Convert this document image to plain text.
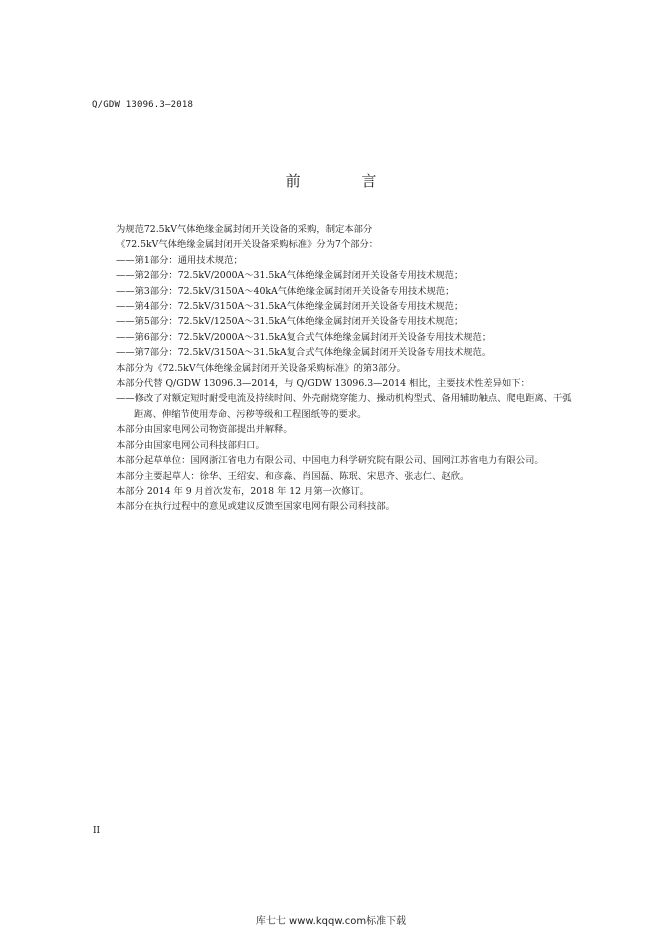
Q/GDW 13096.3—2018
前 言

为规范72.5kV气体绝缘金属封闭开关设备的采购，制定本部分

《72.5kV气体绝缘金属封闭开关设备采购标准》分为7个部分：

——第1部分：通用技术规范；

——第2部分：72.5kV/2000A～31.5kA气体绝缘金属封闭开关设备专用技术规范；

——第3部分：72.5kV/3150A～40kA气体绝缘金属封闭开关设备专用技术规范；

——第4部分：72.5kV/3150A～31.5kA气体绝缘金属封闭开关设备专用技术规范；

——第5部分：72.5kV/1250A～31.5kA气体绝缘金属封闭开关设备专用技术规范；

——第6部分：72.5kV/2000A～31.5kA复合式气体绝缘金属封闭开关设备专用技术规范；

——第7部分：72.5kV/3150A～31.5kA复合式气体绝缘金属封闭开关设备专用技术规范。

本部分为《72.5kV气体绝缘金属封闭开关设备采购标准》的第3部分。

本部分代替 Q/GDW 13096.3—2014，与 Q/GDW 13096.3—2014 相比，主要技术性差异如下：

——修改了对额定短时耐受电流及持续时间、外壳耐烧穿能力、操动机构型式、备用辅助触点、爬电距离、干弧距离、伸缩节使用寿命、污秽等级和工程图纸等的要求。

本部分由国家电网公司物资部提出并解释。

本部分由国家电网公司科技部归口。

本部分起草单位：国网浙江省电力有限公司、中国电力科学研究院有限公司、国网江苏省电力有限公司。

本部分主要起草人：徐华、王绍安、和彦淼、肖国磊、陈珉、宋思齐、张志仁、赵欣。

本部分 2014 年 9 月首次发布，2018 年 12 月第一次修订。

本部分在执行过程中的意见或建议反馈至国家电网有限公司科技部。

II
库七七 www.kqqw.com标准下载
